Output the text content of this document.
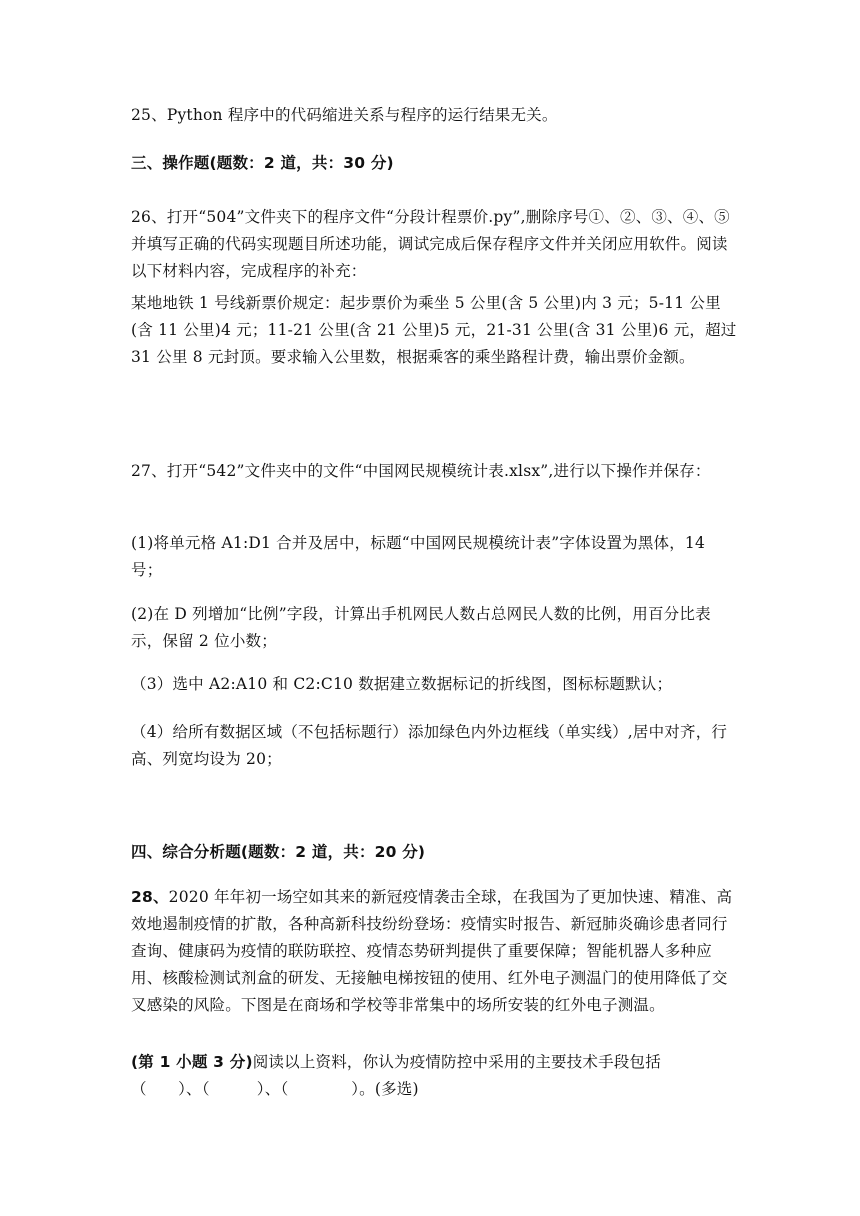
25、Python 程序中的代码缩进关系与程序的运行结果无关。
三、操作题(题数：2 道，共：30 分)
26、打开“504”文件夹下的程序文件“分段计程票价.py”,删除序号①、②、③、④、⑤并填写正确的代码实现题目所述功能，调试完成后保存程序文件并关闭应用软件。阅读以下材料内容，完成程序的补充：
某地地铁 1 号线新票价规定：起步票价为乘坐 5 公里(含 5 公里)内 3 元；5-11 公里(含 11 公里)4 元；11-21 公里(含 21 公里)5 元，21-31 公里(含 31 公里)6 元，超过 31 公里 8 元封顶。要求输入公里数，根据乘客的乘坐路程计费，输出票价金额。
27、打开“542”文件夹中的文件“中国网民规模统计表.xlsx”,进行以下操作并保存：
(1)将单元格 A1:D1 合并及居中，标题“中国网民规模统计表”字体设置为黑体，14 号；
(2)在 D 列增加“比例”字段，计算出手机网民人数占总网民人数的比例，用百分比表示，保留 2 位小数；
（3）选中 A2:A10 和 C2:C10 数据建立数据标记的折线图，图标标题默认；
（4）给所有数据区域（不包括标题行）添加绿色内外边框线（单实线）,居中对齐，行高、列宽均设为 20；
四、综合分析题(题数：2 道，共：20 分)
28、2020 年年初一场空如其来的新冠疫情袭击全球，在我国为了更加快速、精准、高效地遏制疫情的扩散，各种高新科技纷纷登场：疫情实时报告、新冠肺炎确诊患者同行查询、健康码为疫情的联防联控、疫情态势研判提供了重要保障；智能机器人多种应用、核酸检测试剂盒的研发、无接触电梯按钮的使用、红外电子测温门的使用降低了交叉感染的风险。下图是在商场和学校等非常集中的场所安装的红外电子测温。
(第 1 小题 3 分)阅读以上资料，你认为疫情防控中采用的主要技术手段包括
（　　）、（　　　）、（　　　　）。(多选)
